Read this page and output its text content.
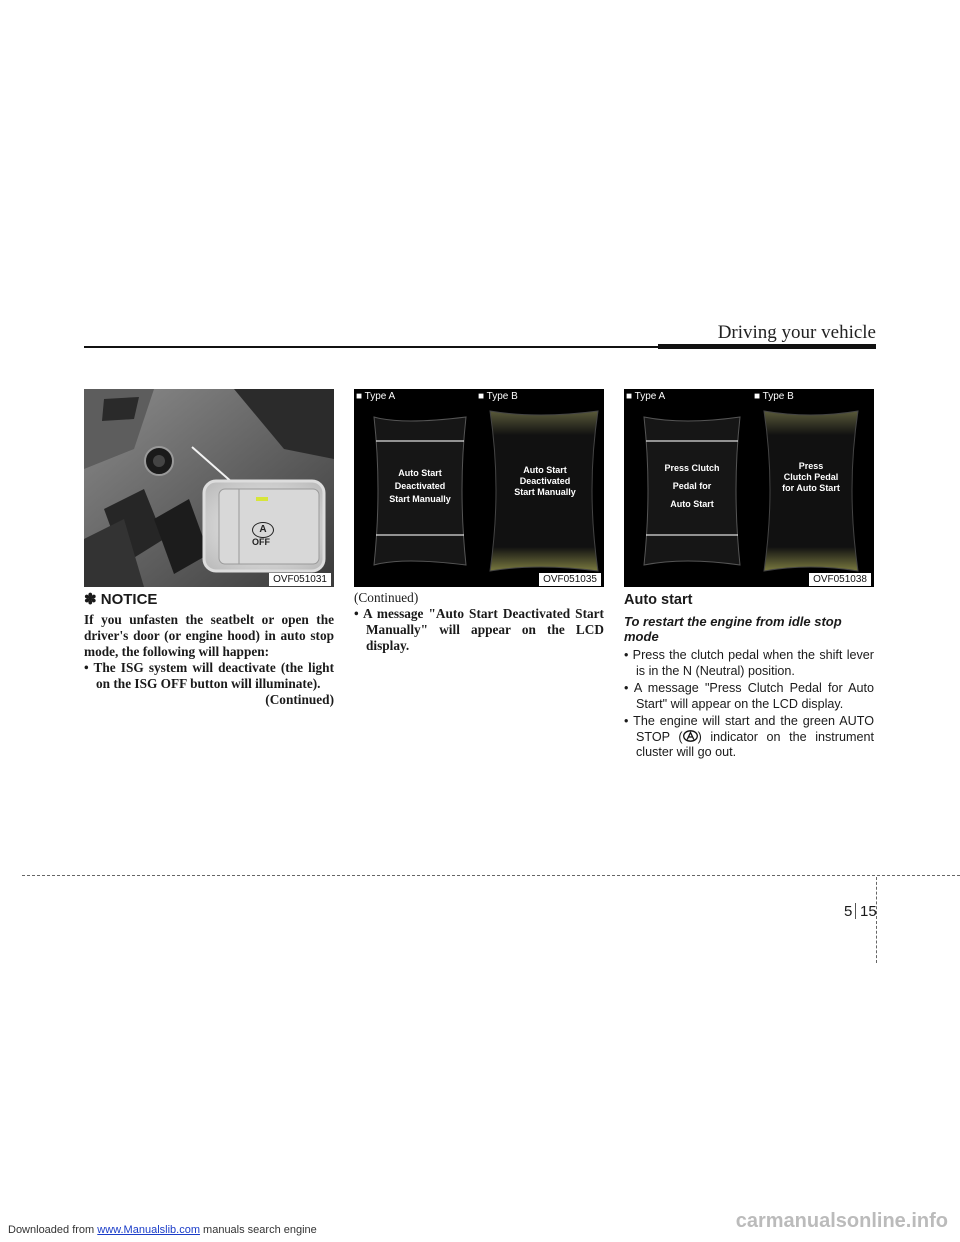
Driving your vehicle
A
OFF
OVF051031
■ Type A	■ Type B
Auto Start
Deactivated
Start Manually
Auto Start
Deactivated
Start Manually
OVF051035
■ Type A	■ Type B
Press Clutch
Pedal for
Auto Start
Press
Clutch Pedal
for Auto Start
OVF051038
✽ NOTICE

If you unfasten the seatbelt or open the driver's door (or engine hood) in auto stop mode, the following will happen:
• The ISG system will deactivate (the light on the ISG OFF button will illuminate).
(Continued)

(Continued)
• A message "Auto Start Deactivated Start Manually" will appear on the LCD display.

Auto start
To restart the engine from idle stop mode
• Press the clutch pedal when the shift lever is in the N (Neutral) position.
• A message "Press Clutch Pedal for Auto Start" will appear on the LCD display.
• The engine will start and the green AUTO STOP ( ) indicator on the instrument cluster will go out.
5 15
Downloaded from www.Manualslib.com manuals search engine	carmanualsonline.info
